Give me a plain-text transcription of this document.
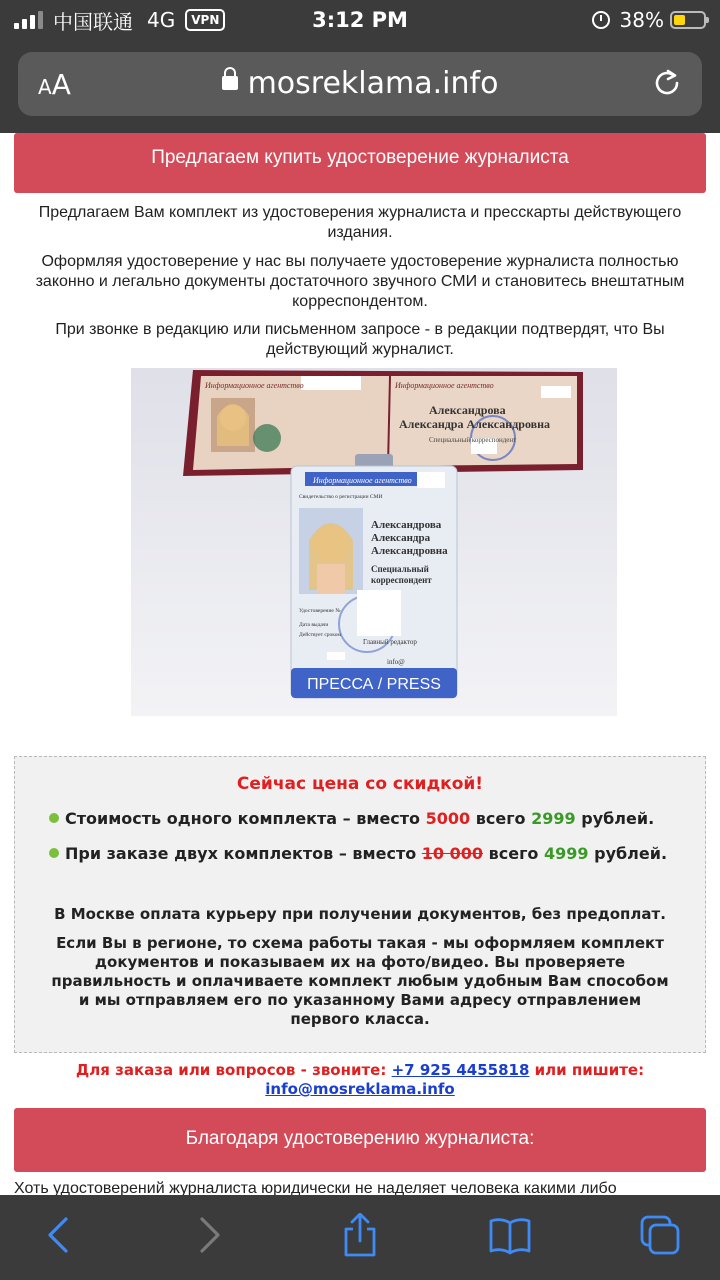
中国联通 4G	VPN	3:12 PM	38%
AA	mosreklama.info
Предлагаем купить удостоверение журналиста
Предлагаем Вам комплект из удостоверения журналиста и пресскарты действующего издания.
Оформляя удостоверение у нас вы получаете удостоверение журналиста полностью законно и легально документы достаточного звучного СМИ и становитесь внештатным корреспондентом.
При звонке в редакцию или письменном запросе - в редакции подтвердят, что Вы действующий журналист.
Информационное агентство	Информационное агентство
Александрова
Александра Александровна
Специальный корреспондент
Информационное агентство
Свидетельство о регистрации СМИ
Александрова
Александра
Александровна
Специальный
корреспондент
Удостоверение №
Дата выдачи
Действует сроком
Главный редактор
info@
ПРЕССА / PRESS
Сейчас цена со скидкой!
Стоимость одного комплекта – вместо 5000 всего 2999 рублей.
При заказе двух комплектов – вместо 10 000 всего 4999 рублей.
В Москве оплата курьеру при получении документов, без предоплат.
Если Вы в регионе, то схема работы такая - мы оформляем комплект документов и показываем их на фото/видео. Вы проверяете правильность и оплачиваете комплект любым удобным Вам способом и мы отправляем его по указанному Вами адресу отправлением первого класса.
Для заказа или вопросов - звоните: +7 925 4455818 или пишите:
info@mosreklama.info
Благодаря удостоверению журналиста:
Хоть удостоверений журналиста юридически не наделяет человека какими либо
